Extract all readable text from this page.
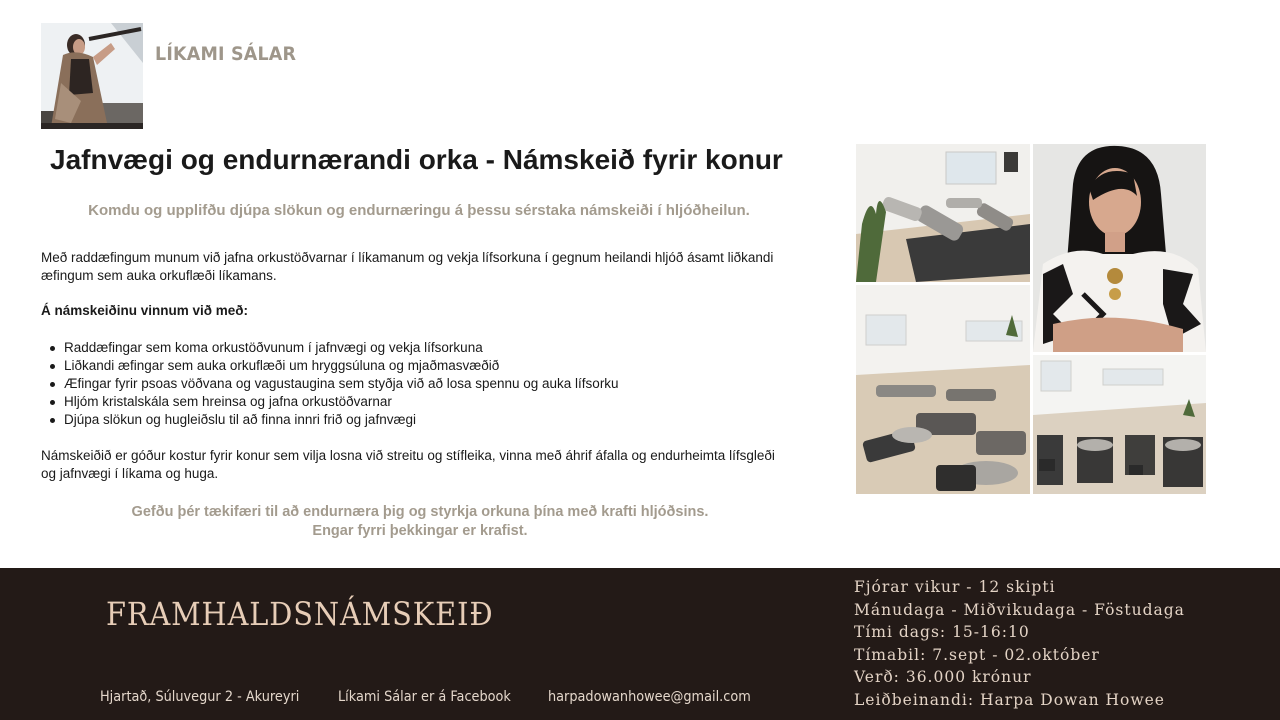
LÍKAMI SÁLAR
Jafnvægi og endurnærandi orka - Námskeið fyrir konur
Komdu og upplifðu djúpa slökun og endurnæringu á þessu sérstaka námskeiði í hljóðheilun.

Með raddæfingum munum við jafna orkustöðvarnar í líkamanum og vekja lífsorkuna í gegnum heilandi hljóð ásamt liðkandi æfingum sem auka orkuflæði líkamans.

Á námskeiðinu vinnum við með:
Raddæfingar sem koma orkustöðvunum í jafnvægi og vekja lífsorkuna
Liðkandi æfingar sem auka orkuflæði um hryggsúluna og mjaðmasvæðið
Æfingar fyrir psoas vöðvana og vagustaugina sem styðja við að losa spennu og auka lífsorku
Hljóm kristalskála sem hreinsa og jafna orkustöðvarnar
Djúpa slökun og hugleiðslu til að finna innri frið og jafnvægi

Námskeiðið er góður kostur fyrir konur sem vilja losna við streitu og stífleika, vinna með áhrif áfalla og endurheimta lífsgleði og jafnvægi í líkama og huga.

Gefðu þér tækifæri til að endurnæra þig og styrkja orkuna þína með krafti hljóðsins.
Engar fyrri þekkingar er krafist.
FRAMHALDSNÁMSKEIÐ
Hjartað, Súluvegur 2 - Akureyri	Líkami Sálar er á Facebook	harpadowanhowee@gmail.com
Fjórar vikur - 12 skipti
Mánudaga - Miðvikudaga - Föstudaga
Tími dags: 15-16:10
Tímabil: 7.sept - 02.október
Verð: 36.000 krónur
Leiðbeinandi: Harpa Dowan Howee
